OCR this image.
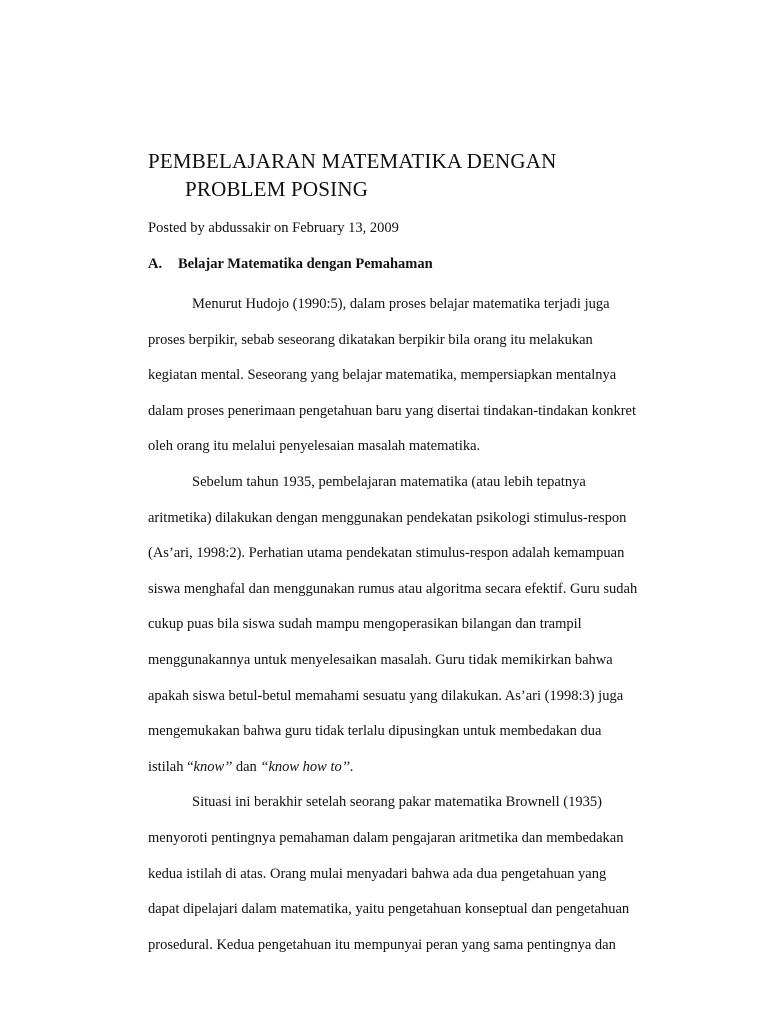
PEMBELAJARAN MATEMATIKA DENGAN
PROBLEM POSING

Posted by abdussakir on February 13, 2009

A. Belajar Matematika dengan Pemahaman

Menurut Hudojo (1990:5), dalam proses belajar matematika terjadi juga
proses berpikir, sebab seseorang dikatakan berpikir bila orang itu melakukan
kegiatan mental. Seseorang yang belajar matematika, mempersiapkan mentalnya
dalam proses penerimaan pengetahuan baru yang disertai tindakan-tindakan konkret
oleh orang itu melalui penyelesaian masalah matematika.

Sebelum tahun 1935, pembelajaran matematika (atau lebih tepatnya
aritmetika) dilakukan dengan menggunakan pendekatan psikologi stimulus-respon
(As’ari, 1998:2). Perhatian utama pendekatan stimulus-respon adalah kemampuan
siswa menghafal dan menggunakan rumus atau algoritma secara efektif. Guru sudah
cukup puas bila siswa sudah mampu mengoperasikan bilangan dan trampil
menggunakannya untuk menyelesaikan masalah. Guru tidak memikirkan bahwa
apakah siswa betul-betul memahami sesuatu yang dilakukan. As’ari (1998:3) juga
mengemukakan bahwa guru tidak terlalu dipusingkan untuk membedakan dua
istilah “know’’ dan “know how to’’.

Situasi ini berakhir setelah seorang pakar matematika Brownell (1935)
menyoroti pentingnya pemahaman dalam pengajaran aritmetika dan membedakan
kedua istilah di atas. Orang mulai menyadari bahwa ada dua pengetahuan yang
dapat dipelajari dalam matematika, yaitu pengetahuan konseptual dan pengetahuan
prosedural. Kedua pengetahuan itu mempunyai peran yang sama pentingnya dan
